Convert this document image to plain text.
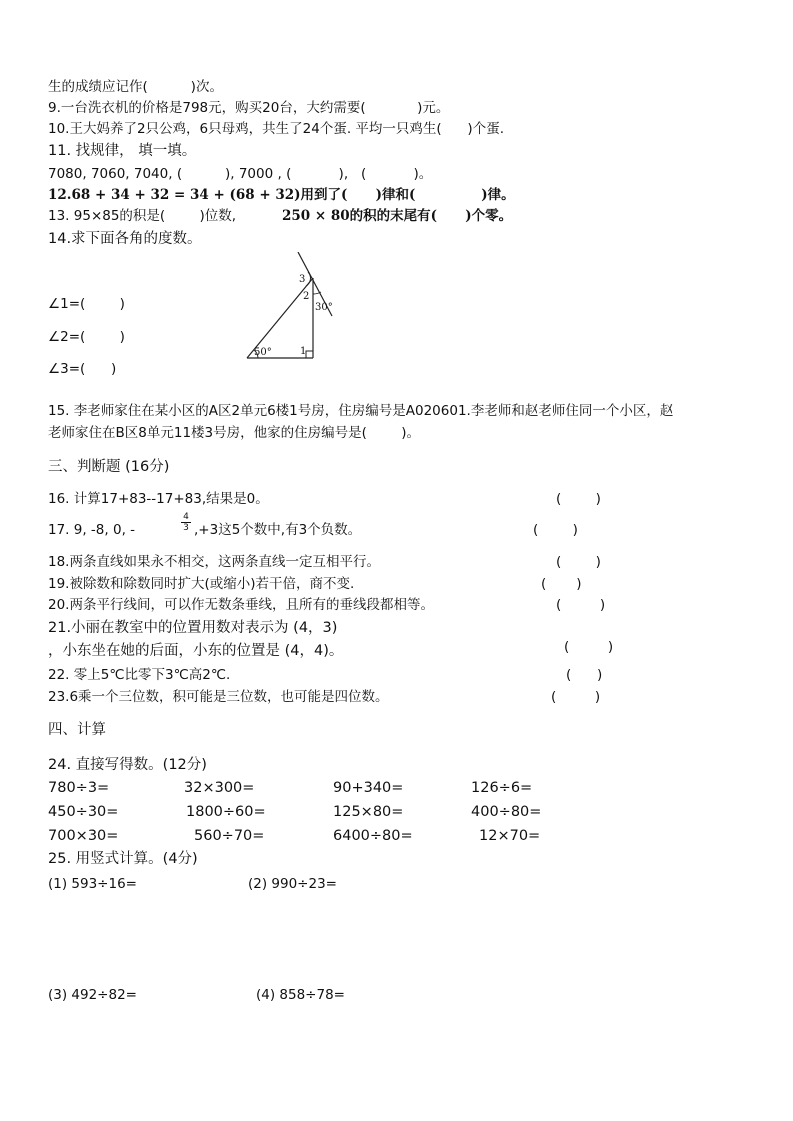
生的成绩应记作(          )次。
9.一台洗衣机的价格是798元，购买20台，大约需要(            )元。
10.王大妈养了2只公鸡，6只母鸡，共生了24个蛋. 平均一只鸡生(      )个蛋.
11. 找规律， 填一填。
7080, 7060, 7040, (          ), 7000 , (           ),   (           )。
12.68 + 34 + 32 = 34 + (68 + 32)用到了(      )律和(              )律。
13. 95×85的积是(        )位数,	250 × 80的积的末尾有(      )个零。
14.求下面各角的度数。
∠1=(        )
∠2=(        )
∠3=(      )
3
2
30°
50°	1
15. 李老师家住在某小区的A区2单元6楼1号房，住房编号是A020601.李老师和赵老师住同一个小区，赵
老师家住在B区8单元11楼3号房，他家的住房编号是(        )。
三、判断题 (16分)
16. 计算17+83--17+83,结果是0。	(        )
17. 9, -8, 0, -	$\frac{4}{3} ,+3$这5个数中,有3个负数。	(        )
18.两条直线如果永不相交，这两条直线一定互相平行。	(        )
19.被除数和除数同时扩大(或缩小)若干倍，商不变.	(       )
20.两条平行线间，可以作无数条垂线，且所有的垂线段都相等。	(         )
21.小丽在教室中的位置用数对表示为 (4，3)
，小东坐在她的后面，小东的位置是 (4，4)。	(         )
22. 零上5℃比零下3℃高2℃.	(      )
23.6乘一个三位数，积可能是三位数，也可能是四位数。	(         )
四、计算
24. 直接写得数。(12分)
780÷3=	32×300=	90+340=	126÷6=
450÷30=	1800÷60=	125×80=	400÷80=
700×30=	560÷70=	6400÷80=	12×70=
25. 用竖式计算。(4分)
(1) 593÷16=	(2) 990÷23=
(3) 492÷82=	(4) 858÷78=
